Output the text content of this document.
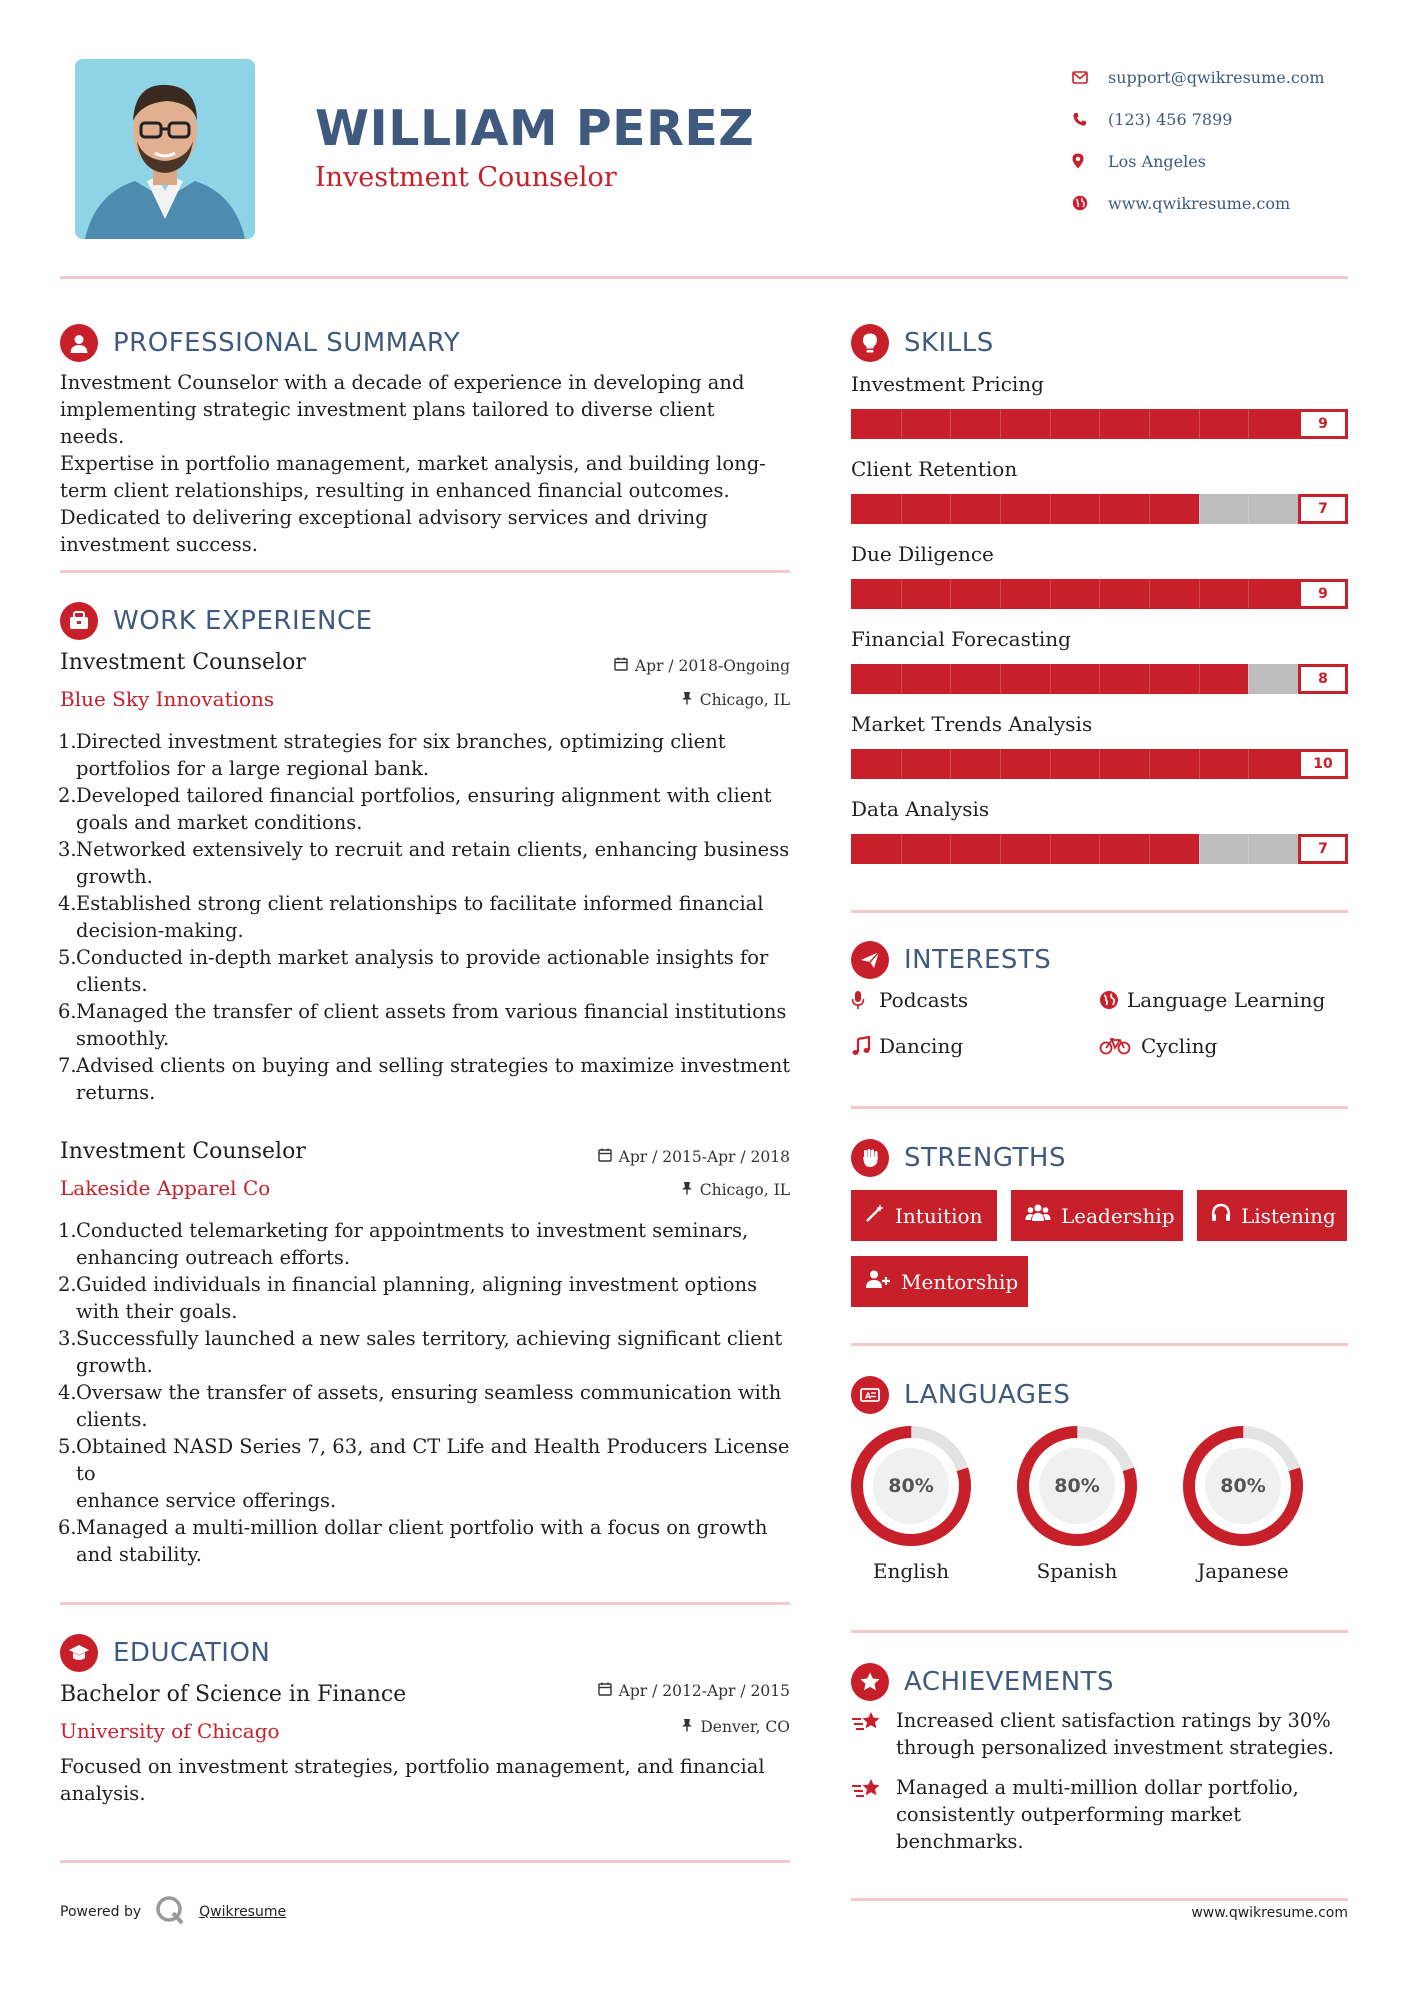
WILLIAM PEREZ
Investment Counselor
support@qwikresume.com
(123) 456 7899
Los Angeles
www.qwikresume.com
PROFESSIONAL SUMMARY
Investment Counselor with a decade of experience in developing and
implementing strategic investment plans tailored to diverse client needs.
Expertise in portfolio management, market analysis, and building long-
term client relationships, resulting in enhanced financial outcomes.
Dedicated to delivering exceptional advisory services and driving
investment success.
WORK EXPERIENCE
Investment Counselor	Apr / 2018-Ongoing
Blue Sky Innovations	Chicago, IL
1. Directed investment strategies for six branches, optimizing client
portfolios for a large regional bank.
2. Developed tailored financial portfolios, ensuring alignment with client
goals and market conditions.
3. Networked extensively to recruit and retain clients, enhancing business
growth.
4. Established strong client relationships to facilitate informed financial
decision-making.
5. Conducted in-depth market analysis to provide actionable insights for
clients.
6. Managed the transfer of client assets from various financial institutions
smoothly.
7. Advised clients on buying and selling strategies to maximize investment
returns.
Investment Counselor	Apr / 2015-Apr / 2018
Lakeside Apparel Co	Chicago, IL
1. Conducted telemarketing for appointments to investment seminars,
enhancing outreach efforts.
2. Guided individuals in financial planning, aligning investment options
with their goals.
3. Successfully launched a new sales territory, achieving significant client
growth.
4. Oversaw the transfer of assets, ensuring seamless communication with
clients.
5. Obtained NASD Series 7, 63, and CT Life and Health Producers License to
enhance service offerings.
6. Managed a multi-million dollar client portfolio with a focus on growth
and stability.
EDUCATION
Bachelor of Science in Finance	Apr / 2012-Apr / 2015
University of Chicago	Denver, CO
Focused on investment strategies, portfolio management, and financial
analysis.
SKILLS
Investment Pricing
9
Client Retention
7
Due Diligence
9
Financial Forecasting
8
Market Trends Analysis
10
Data Analysis
7
INTERESTS
Podcasts	Language Learning
Dancing	Cycling
STRENGTHS
Intuition	Leadership	Listening
Mentorship
A LANGUAGES
80%
English
80%
Spanish
80%
Japanese
ACHIEVEMENTS
Increased client satisfaction ratings by 30%
through personalized investment strategies.
Managed a multi-million dollar portfolio,
consistently outperforming market
benchmarks.
Powered by	Qwikresume	www.qwikresume.com
